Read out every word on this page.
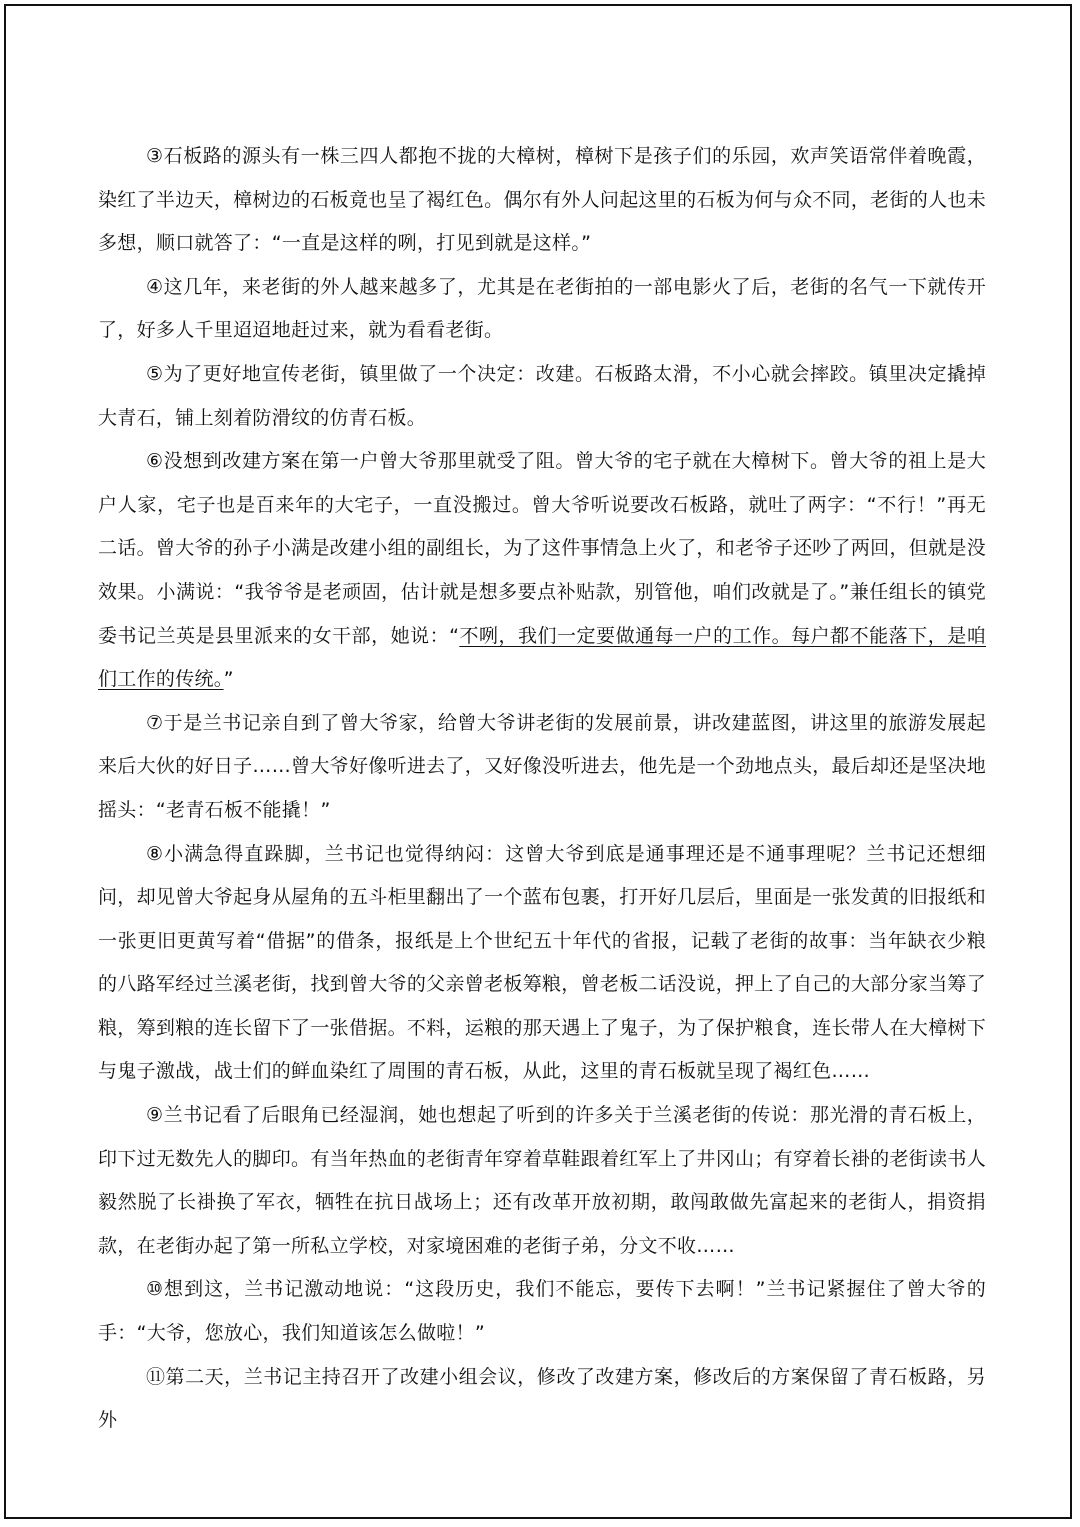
③石板路的源头有一株三四人都抱不拢的大樟树，樟树下是孩子们的乐园，欢声笑语常伴着晚霞，染红了半边天，樟树边的石板竟也呈了褐红色。偶尔有外人问起这里的石板为何与众不同，老街的人也未多想，顺口就答了：“一直是这样的咧，打见到就是这样。”

④这几年，来老街的外人越来越多了，尤其是在老街拍的一部电影火了后，老街的名气一下就传开了，好多人千里迢迢地赶过来，就为看看老街。

⑤为了更好地宣传老街，镇里做了一个决定：改建。石板路太滑，不小心就会摔跤。镇里决定撬掉大青石，铺上刻着防滑纹的仿青石板。

⑥没想到改建方案在第一户曾大爷那里就受了阻。曾大爷的宅子就在大樟树下。曾大爷的祖上是大户人家，宅子也是百来年的大宅子，一直没搬过。曾大爷听说要改石板路，就吐了两字：“不行！”再无二话。曾大爷的孙子小满是改建小组的副组长，为了这件事情急上火了，和老爷子还吵了两回，但就是没效果。小满说：“我爷爷是老顽固，估计就是想多要点补贴款，别管他，咱们改就是了。”兼任组长的镇党委书记兰英是县里派来的女干部，她说：“不咧，我们一定要做通每一户的工作。每户都不能落下，是咱们工作的传统。”

⑦于是兰书记亲自到了曾大爷家，给曾大爷讲老街的发展前景，讲改建蓝图，讲这里的旅游发展起来后大伙的好日子……曾大爷好像听进去了，又好像没听进去，他先是一个劲地点头，最后却还是坚决地摇头：“老青石板不能撬！”

⑧小满急得直跺脚，兰书记也觉得纳闷：这曾大爷到底是通事理还是不通事理呢？兰书记还想细问，却见曾大爷起身从屋角的五斗柜里翻出了一个蓝布包裹，打开好几层后，里面是一张发黄的旧报纸和一张更旧更黄写着“借据”的借条，报纸是上个世纪五十年代的省报，记载了老街的故事：当年缺衣少粮的八路军经过兰溪老街，找到曾大爷的父亲曾老板筹粮，曾老板二话没说，押上了自己的大部分家当筹了粮，筹到粮的连长留下了一张借据。不料，运粮的那天遇上了鬼子，为了保护粮食，连长带人在大樟树下与鬼子激战，战士们的鲜血染红了周围的青石板，从此，这里的青石板就呈现了褐红色……

⑨兰书记看了后眼角已经湿润，她也想起了听到的许多关于兰溪老街的传说：那光滑的青石板上，印下过无数先人的脚印。有当年热血的老街青年穿着草鞋跟着红军上了井冈山；有穿着长褂的老街读书人毅然脱了长褂换了军衣，牺牲在抗日战场上；还有改革开放初期，敢闯敢做先富起来的老街人，捐资捐款，在老街办起了第一所私立学校，对家境困难的老街子弟，分文不收……

⑩想到这，兰书记激动地说：“这段历史，我们不能忘，要传下去啊！”兰书记紧握住了曾大爷的手：“大爷，您放心，我们知道该怎么做啦！”

⑪第二天，兰书记主持召开了改建小组会议，修改了改建方案，修改后的方案保留了青石板路，另外
